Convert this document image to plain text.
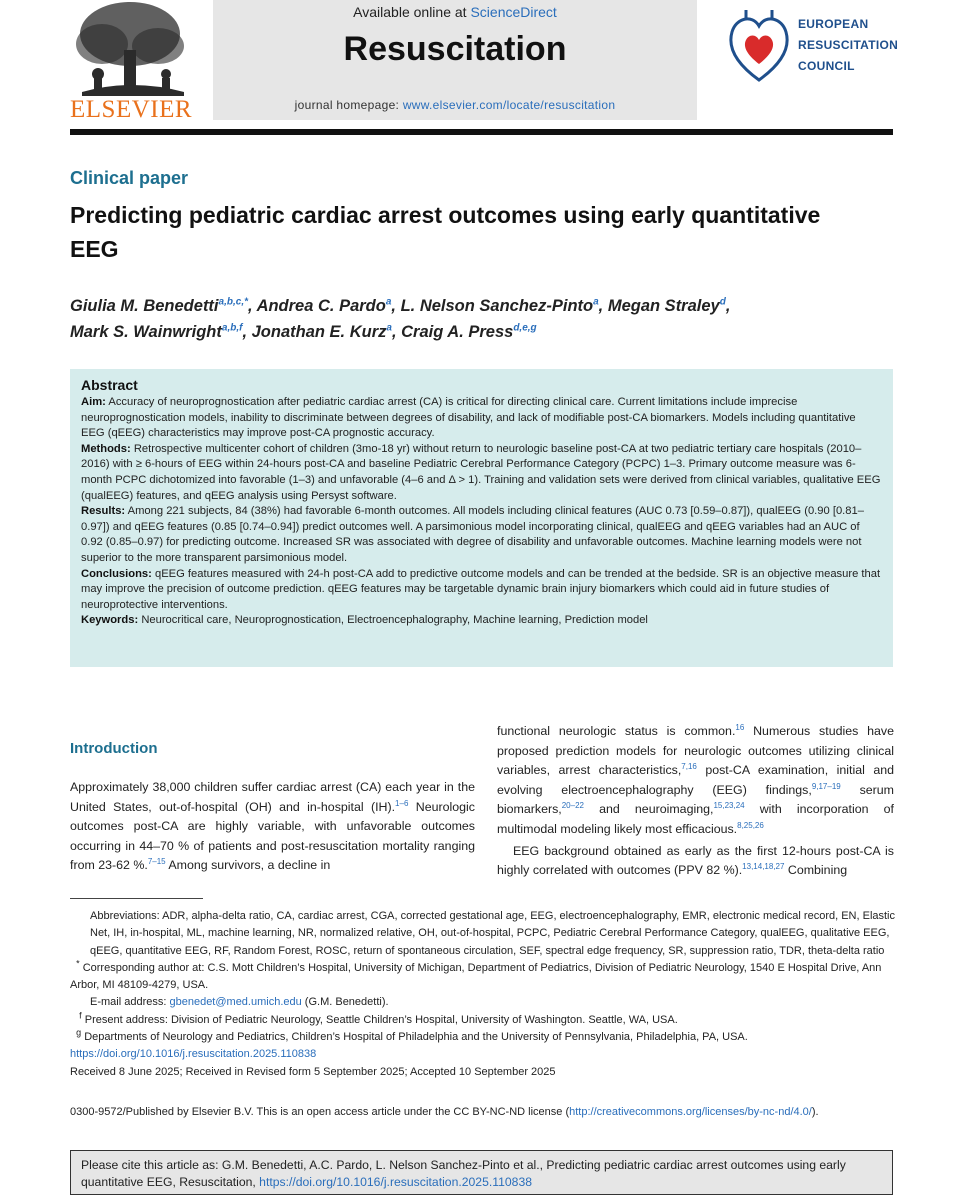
ELSEVIER
Available online at ScienceDirect
Resuscitation
journal homepage: www.elsevier.com/locate/resuscitation
EUROPEAN
RESUSCITATION
COUNCIL
Clinical paper
Predicting pediatric cardiac arrest outcomes using early quantitative EEG
Giulia M. Benedetti$^{a,b,c,*}$, Andrea C. Pardo$^a$, L. Nelson Sanchez-Pinto$^a$, Megan Straley$^d$,
Mark S. Wainwright$^{a,b,f}$, Jonathan E. Kurz$^a$, Craig A. Press$^{d,e,g}$
Abstract

Aim: Accuracy of neuroprognostication after pediatric cardiac arrest (CA) is critical for directing clinical care. Current limitations include imprecise neuroprognostication models, inability to discriminate between degrees of disability, and lack of modifiable post-CA biomarkers. Models including quantitative EEG (qEEG) characteristics may improve post-CA prognostic accuracy.

Methods: Retrospective multicenter cohort of children (3mo-18 yr) without return to neurologic baseline post-CA at two pediatric tertiary care hospitals (2010–2016) with ≥ 6-hours of EEG within 24-hours post-CA and baseline Pediatric Cerebral Performance Category (PCPC) 1–3. Primary outcome measure was 6-month PCPC dichotomized into favorable (1–3) and unfavorable (4–6 and Δ > 1). Training and validation sets were derived from clinical variables, qualitative EEG (qualEEG) features, and qEEG analysis using Persyst software.

Results: Among 221 subjects, 84 (38%) had favorable 6-month outcomes. All models including clinical features (AUC 0.73 [0.59–0.87]), qualEEG (0.90 [0.81–0.97]) and qEEG features (0.85 [0.74–0.94]) predict outcomes well. A parsimonious model incorporating clinical, qualEEG and qEEG variables had an AUC of 0.92 (0.85–0.97) for predicting outcome. Increased SR was associated with degree of disability and unfavorable outcomes. Machine learning models were not superior to the more transparent parsimonious model.

Conclusions: qEEG features measured with 24-h post-CA add to predictive outcome models and can be trended at the bedside. SR is an objective measure that may improve the precision of outcome prediction. qEEG features may be targetable dynamic brain injury biomarkers which could aid in future studies of neuroprotective interventions.

Keywords: Neurocritical care, Neuroprognostication, Electroencephalography, Machine learning, Prediction model

Introduction

Approximately 38,000 children suffer cardiac arrest (CA) each year in the United States, out-of-hospital (OH) and in-hospital (IH).$^{1-6}$ Neurologic outcomes post-CA are highly variable, with unfavorable outcomes occurring in 44–70 % of patients and post-resuscitation mortality ranging from 23-62 %.$^{7-15}$ Among survivors, a decline in

functional neurologic status is common.$^{16}$ Numerous studies have proposed prediction models for neurologic outcomes utilizing clinical variables, arrest characteristics,$^{7,16}$ post-CA examination, initial and evolving electroencephalography (EEG) findings,$^{9,17-19}$ serum biomarkers,$^{20-22}$ and neuroimaging,$^{15,23,24}$ with incorporation of multimodal modeling likely most efficacious.$^{8,25,26}$

EEG background obtained as early as the first 12-hours post-CA is highly correlated with outcomes (PPV 82 %).$^{13,14,18,27}$ Combining

Abbreviations: ADR, alpha-delta ratio, CA, cardiac arrest, CGA, corrected gestational age, EEG, electroencephalography, EMR, electronic medical record, EN, Elastic Net, IH, in-hospital, ML, machine learning, NR, normalized relative, OH, out-of-hospital, PCPC, Pediatric Cerebral Performance Category, qualEEG, qualitative EEG, qEEG, quantitative EEG, RF, Random Forest, ROSC, return of spontaneous circulation, SEF, spectral edge frequency, SR, suppression ratio, TDR, theta-delta ratio

* Corresponding author at: C.S. Mott Children’s Hospital, University of Michigan, Department of Pediatrics, Division of Pediatric Neurology, 1540 E Hospital Drive, Ann Arbor, MI 48109-4279, USA.

E-mail address: gbenedet@med.umich.edu (G.M. Benedetti).

$^f$ Present address: Division of Pediatric Neurology, Seattle Children’s Hospital, University of Washington. Seattle, WA, USA.

$^g$ Departments of Neurology and Pediatrics, Children’s Hospital of Philadelphia and the University of Pennsylvania, Philadelphia, PA, USA.

https://doi.org/10.1016/j.resuscitation.2025.110838

Received 8 June 2025; Received in Revised form 5 September 2025; Accepted 10 September 2025

0300-9572/Published by Elsevier B.V. This is an open access article under the CC BY-NC-ND license (http://creativecommons.org/licenses/by-nc-nd/4.0/).
Please cite this article as: G.M. Benedetti, A.C. Pardo, L. Nelson Sanchez-Pinto et al., Predicting pediatric cardiac arrest outcomes using early quantitative EEG, Resuscitation, https://doi.org/10.1016/j.resuscitation.2025.110838
